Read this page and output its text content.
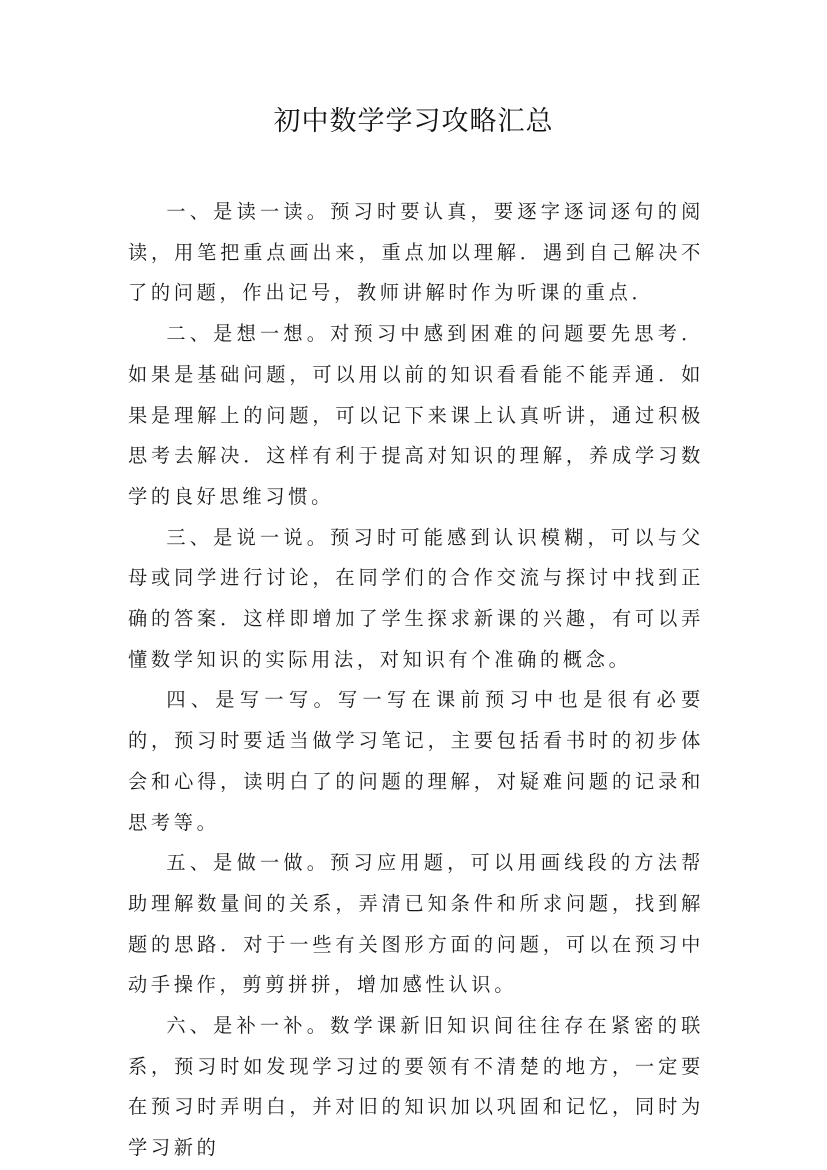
初中数学学习攻略汇总

一、是读一读。预习时要认真，要逐字逐词逐句的阅读，用笔把重点画出来，重点加以理解．遇到自己解决不了的问题，作出记号，教师讲解时作为听课的重点．

二、是想一想。对预习中感到困难的问题要先思考．如果是基础问题，可以用以前的知识看看能不能弄通．如果是理解上的问题，可以记下来课上认真听讲，通过积极思考去解决．这样有利于提高对知识的理解，养成学习数学的良好思维习惯。

三、是说一说。预习时可能感到认识模糊，可以与父母或同学进行讨论，在同学们的合作交流与探讨中找到正确的答案．这样即增加了学生探求新课的兴趣，有可以弄懂数学知识的实际用法，对知识有个准确的概念。

四、是写一写。写一写在课前预习中也是很有必要的，预习时要适当做学习笔记，主要包括看书时的初步体会和心得，读明白了的问题的理解，对疑难问题的记录和思考等。

五、是做一做。预习应用题，可以用画线段的方法帮助理解数量间的关系，弄清已知条件和所求问题，找到解题的思路．对于一些有关图形方面的问题，可以在预习中动手操作，剪剪拼拼，增加感性认识。

六、是补一补。数学课新旧知识间往往存在紧密的联系，预习时如发现学习过的要领有不清楚的地方，一定要在预习时弄明白，并对旧的知识加以巩固和记忆，同时为学习新的
